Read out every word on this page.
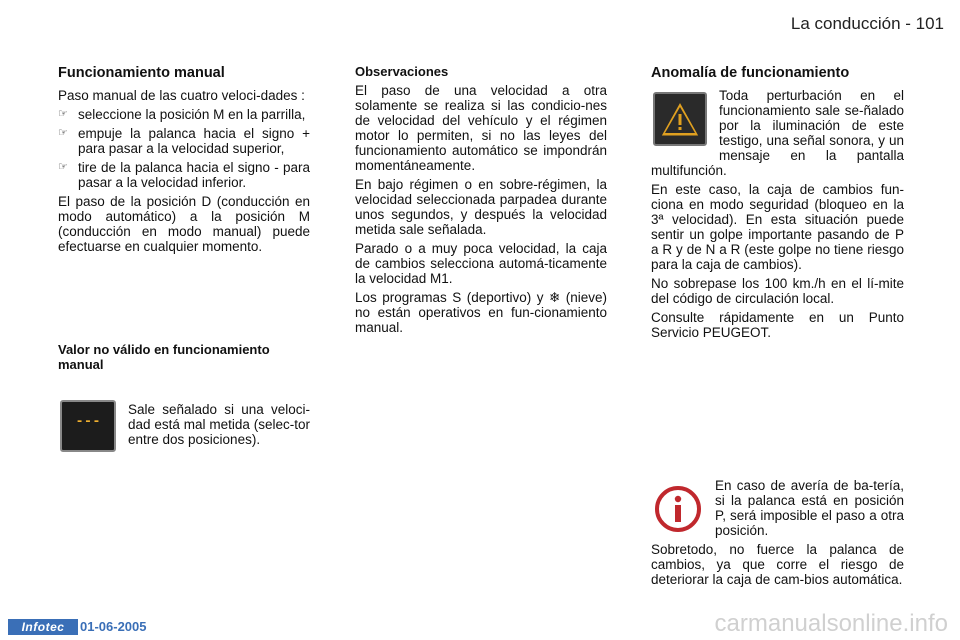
La conducción - 101
Funcionamiento manual

Paso manual de las cuatro veloci-dades :

☞ seleccione la posición M en la parrilla,
☞ empuje la palanca hacia el signo + para pasar a la velocidad superior,
☞ tire de la palanca hacia el signo - para pasar a la velocidad inferior.

El paso de la posición D (conducción en modo automático) a la posición M (conducción en modo manual) puede efectuarse en cualquier momento.

Valor no válido en funcionamiento manual
---

Sale señalado si una veloci-dad está mal metida (selec-tor entre dos posiciones).

Observaciones

El paso de una velocidad a otra solamente se realiza si las condicio-nes de velocidad del vehículo y el régimen motor lo permiten, si no las leyes del funcionamiento automático se impondrán momentáneamente.

En bajo régimen o en sobre-régimen, la velocidad seleccionada parpadea durante unos segundos, y después la velocidad metida sale señalada.

Parado o a muy poca velocidad, la caja de cambios selecciona automá-ticamente la velocidad M1.

Los programas S (deportivo) y ❄ (nieve) no están operativos en fun-cionamiento manual.

Anomalía de funcionamiento

Toda perturbación en el funcionamiento sale se-ñalado por la iluminación de este testigo, una señal sonora, y un mensaje en la pantalla multifunción.

En este caso, la caja de cambios fun-ciona en modo seguridad (bloqueo en la 3ª velocidad). En esta situación puede sentir un golpe importante pasando de P a R y de N a R (este golpe no tiene riesgo para la caja de cambios).

No sobrepase los 100 km./h en el lí-mite del código de circulación local.

Consulte rápidamente en un Punto Servicio PEUGEOT.

En caso de avería de ba-tería, si la palanca está en posición P, será imposible el paso a otra posición.

Sobretodo, no fuerce la palanca de cambios, ya que corre el riesgo de deteriorar la caja de cam-bios automática.

Infotec	01-06-2005	carmanualsonline.info
